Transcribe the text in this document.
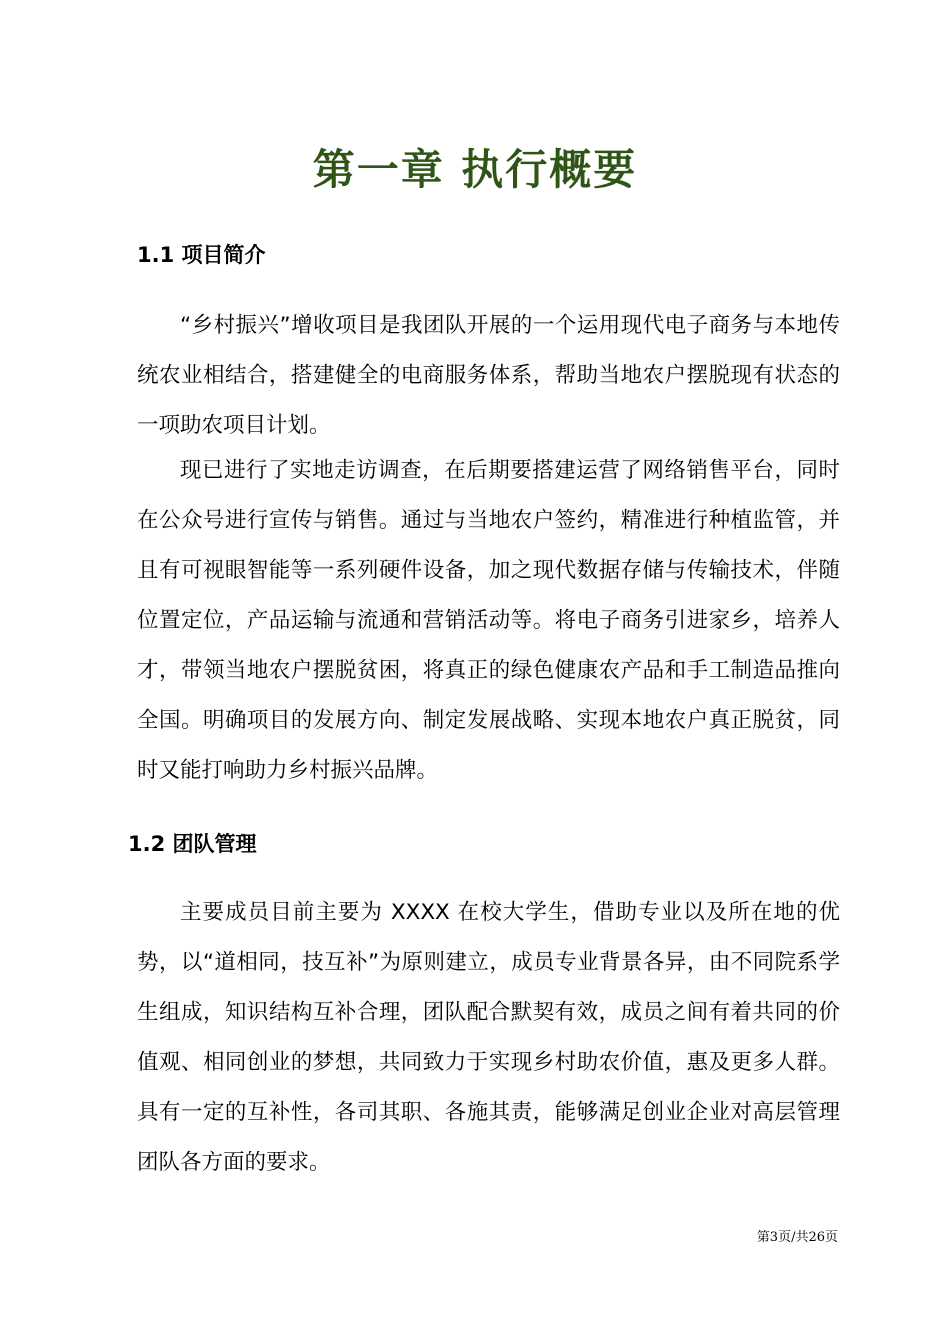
第一章 执行概要
1.1 项目简介

“乡村振兴”增收项目是我团队开展的一个运用现代电子商务与本地传统农业相结合，搭建健全的电商服务体系，帮助当地农户摆脱现有状态的一项助农项目计划。

现已进行了实地走访调查，在后期要搭建运营了网络销售平台，同时在公众号进行宣传与销售。通过与当地农户签约，精准进行种植监管，并且有可视眼智能等一系列硬件设备，加之现代数据存储与传输技术，伴随位置定位，产品运输与流通和营销活动等。将电子商务引进家乡，培养人才，带领当地农户摆脱贫困，将真正的绿色健康农产品和手工制造品推向全国。明确项目的发展方向、制定发展战略、实现本地农户真正脱贫，同时又能打响助力乡村振兴品牌。

1.2 团队管理

主要成员目前主要为 XXXX 在校大学生，借助专业以及所在地的优势，以“道相同，技互补”为原则建立，成员专业背景各异，由不同院系学生组成，知识结构互补合理，团队配合默契有效，成员之间有着共同的价值观、相同创业的梦想，共同致力于实现乡村助农价值，惠及更多人群。具有一定的互补性，各司其职、各施其责，能够满足创业企业对高层管理团队各方面的要求。

第3页/共26页
